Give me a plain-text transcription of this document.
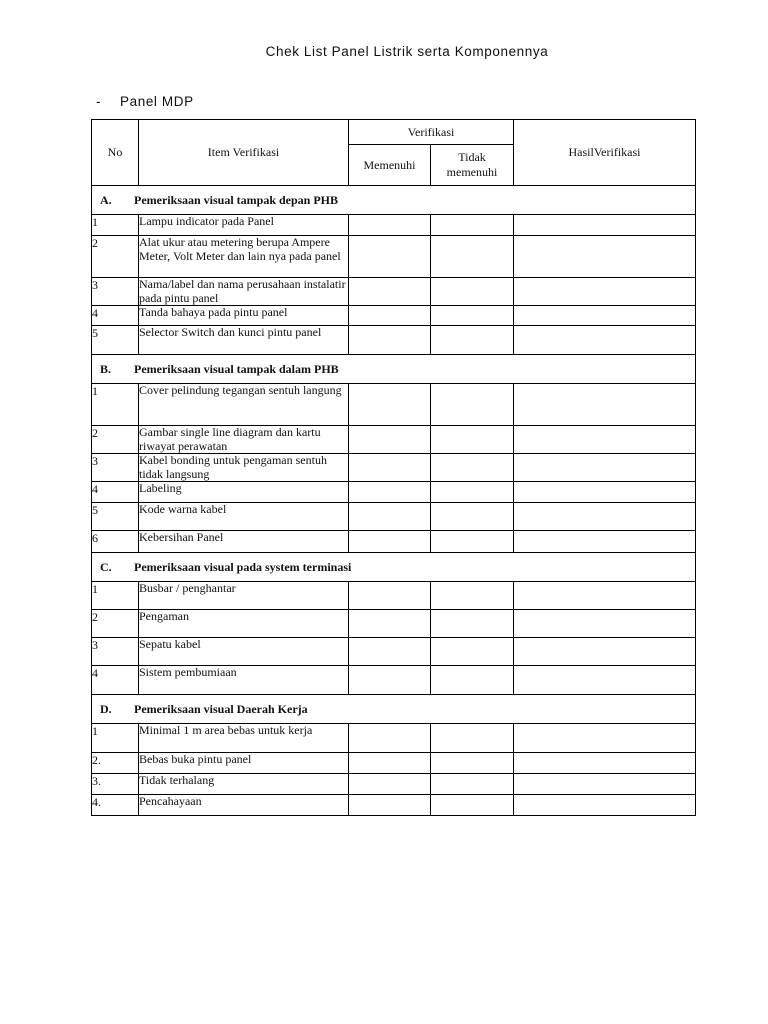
Chek List Panel Listrik serta Komponennya
- Panel MDP
No	Item Verifikasi	Verifikasi		HasilVerifikasi
		Memenuhi	Tidak
memenuhi	
A. Pemeriksaan visual tampak depan PHB				
1	Lampu indicator pada Panel			
2	Alat ukur atau metering berupa Ampere Meter, Volt Meter dan lain nya pada panel			
3	Nama/label dan nama perusahaan instalatir pada pintu panel			
4	Tanda bahaya pada pintu panel			
5	Selector Switch dan kunci pintu panel			
B. Pemeriksaan visual tampak dalam PHB				
1	Cover pelindung tegangan sentuh langung			
2	Gambar single line diagram dan kartu riwayat perawatan			
3	Kabel bonding untuk pengaman sentuh tidak langsung			
4	Labeling			
5	Kode warna kabel			
6	Kebersihan Panel			
C. Pemeriksaan visual pada system terminasi				
1	Busbar / penghantar			
2	Pengaman			
3	Sepatu kabel			
4	Sistem pembumiaan			
D. Pemeriksaan visual Daerah Kerja				
1	Minimal 1 m area bebas untuk kerja			
2.	Bebas buka pintu panel			
3.	Tidak terhalang			
4.	Pencahayaan			
